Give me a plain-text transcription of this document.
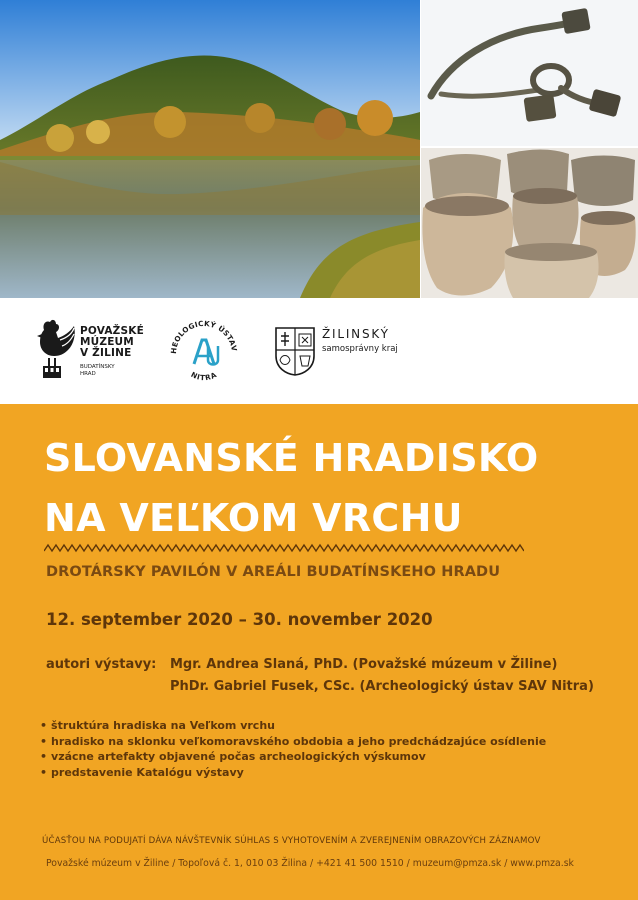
POVAŽSKÉ
MÚZEUM
V ŽILINE
BUDATÍNSKY
HRAD
HEOLOGICKÝ ÚSTAV
NITRA
ŽILINSKÝ
samosprávny kraj
SLOVANSKÉ HRADISKO
NA VEĽKOM VRCHU
DROTÁRSKY PAVILÓN V AREÁLI BUDATÍNSKEHO HRADU
12. september 2020 – 30. november 2020
autori výstavy: Mgr. Andrea Slaná, PhD. (Považské múzeum v Žiline)
PhDr. Gabriel Fusek, CSc. (Archeologický ústav SAV Nitra)
• štruktúra hradiska na Veľkom vrchu
• hradisko na sklonku veľkomoravského obdobia a jeho predchádzajúce osídlenie
• vzácne artefakty objavené počas archeologických výskumov
• predstavenie Katalógu výstavy
ÚČASŤOU NA PODUJATÍ DÁVA NÁVŠTEVNÍK SÚHLAS S VYHOTOVENÍM A ZVEREJNENÍM OBRAZOVÝCH ZÁZNAMOV
Považské múzeum v Žiline / Topoľová č. 1, 010 03 Žilina / +421 41 500 1510 / muzeum@pmza.sk / www.pmza.sk
